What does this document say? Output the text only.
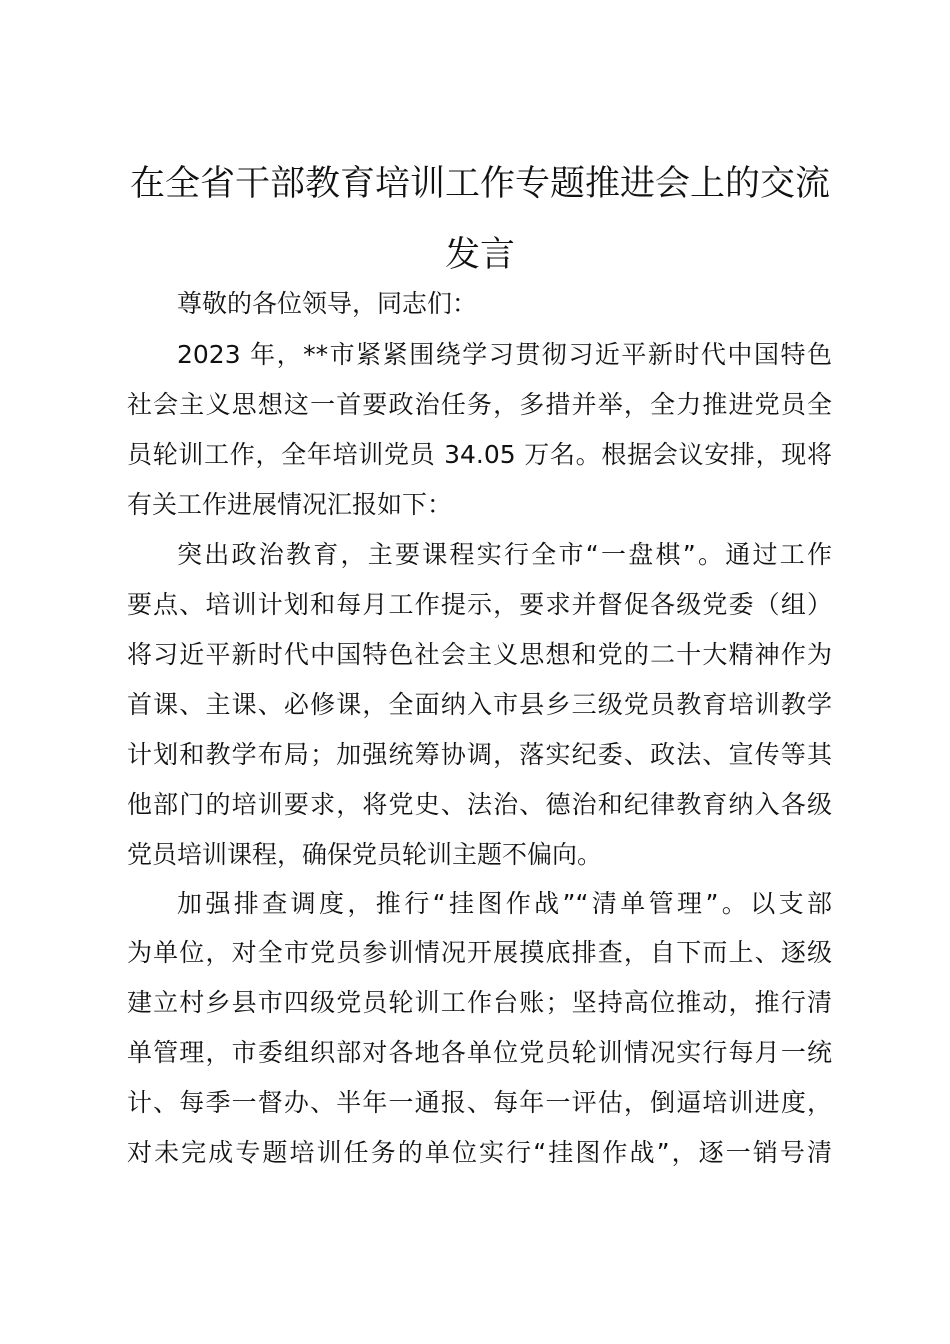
在全省干部教育培训工作专题推进会上的交流
发言
尊敬的各位领导，同志们：
2023 年，**市紧紧围绕学习贯彻习近平新时代中国特色
社会主义思想这一首要政治任务，多措并举，全力推进党员全
员轮训工作，全年培训党员 34.05 万名。根据会议安排，现将
有关工作进展情况汇报如下：
突出政治教育，主要课程实行全市“一盘棋”。通过工作
要点、培训计划和每月工作提示，要求并督促各级党委（组）
将习近平新时代中国特色社会主义思想和党的二十大精神作为
首课、主课、必修课，全面纳入市县乡三级党员教育培训教学
计划和教学布局；加强统筹协调，落实纪委、政法、宣传等其
他部门的培训要求，将党史、法治、德治和纪律教育纳入各级
党员培训课程，确保党员轮训主题不偏向。
加强排查调度，推行“挂图作战”“清单管理”。以支部
为单位，对全市党员参训情况开展摸底排查，自下而上、逐级
建立村乡县市四级党员轮训工作台账；坚持高位推动，推行清
单管理，市委组织部对各地各单位党员轮训情况实行每月一统
计、每季一督办、半年一通报、每年一评估，倒逼培训进度，
对未完成专题培训任务的单位实行“挂图作战”，逐一销号清
